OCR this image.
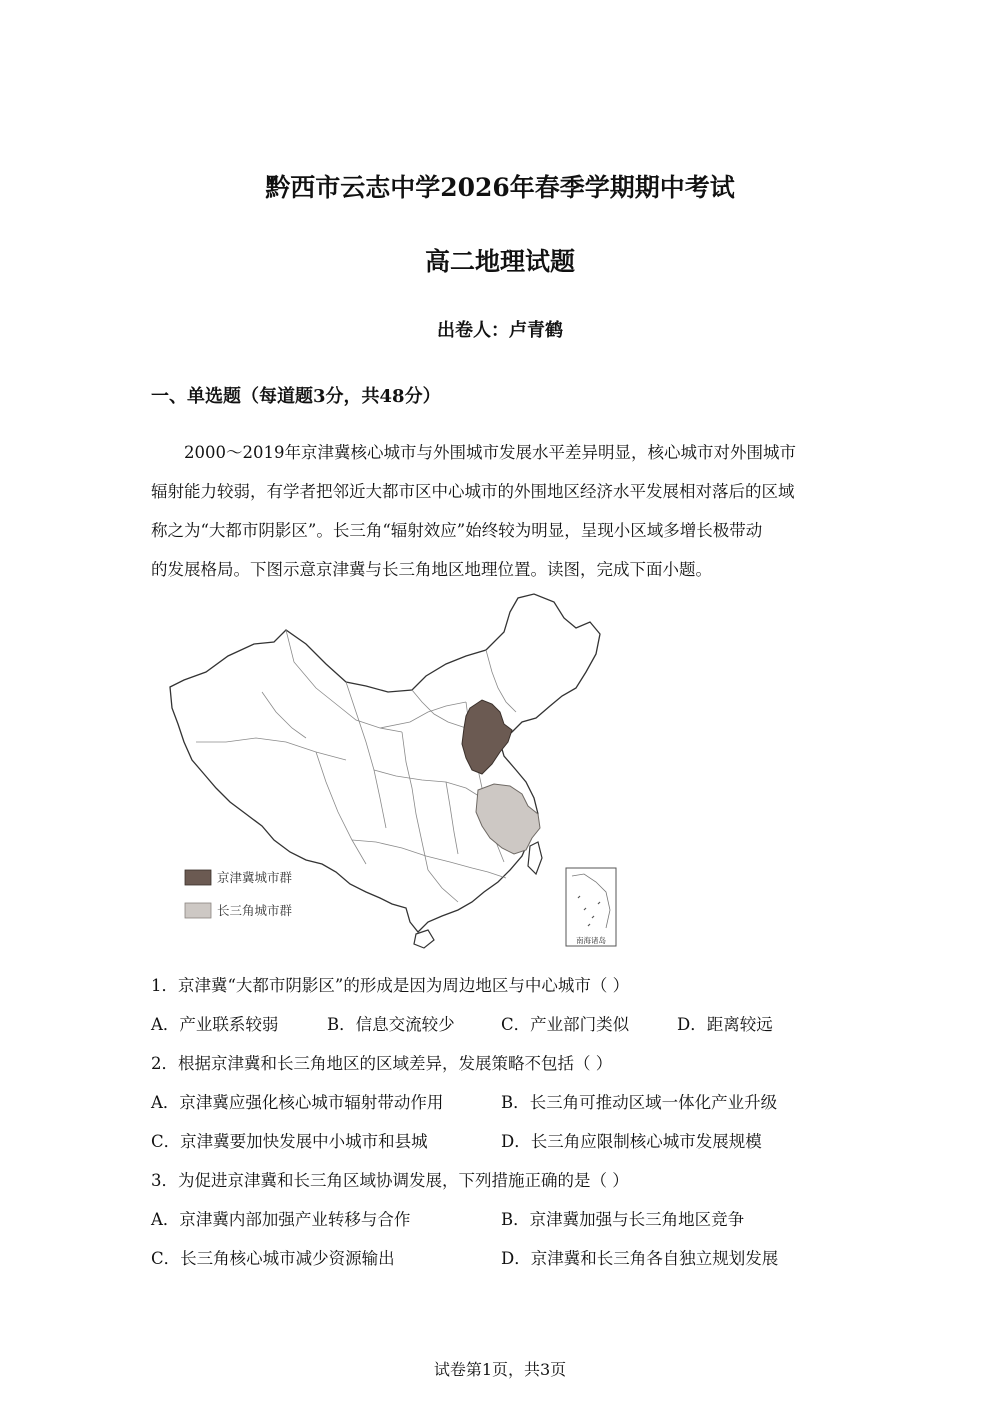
黔西市云志中学2026年春季学期期中考试
高二地理试题
出卷人：卢青鹤
一、单选题（每道题3分，共48分）
2000～2019年京津冀核心城市与外围城市发展水平差异明显，核心城市对外围城市
辐射能力较弱，有学者把邻近大都市区中心城市的外围地区经济水平发展相对落后的区域
称之为“大都市阴影区”。长三角“辐射效应”始终较为明显，呈现小区域多增长极带动
的发展格局。下图示意京津冀与长三角地区地理位置。读图，完成下面小题。
京津冀城市群
长三角城市群
南海诸岛
1．京津冀“大都市阴影区”的形成是因为周边地区与中心城市（ ）
A．产业联系较弱	B．信息交流较少	C．产业部门类似	D．距离较远
2．根据京津冀和长三角地区的区域差异，发展策略不包括（ ）
A．京津冀应强化核心城市辐射带动作用	B．长三角可推动区域一体化产业升级
C．京津冀要加快发展中小城市和县城	D．长三角应限制核心城市发展规模
3．为促进京津冀和长三角区域协调发展，下列措施正确的是（ ）
A．京津冀内部加强产业转移与合作	B．京津冀加强与长三角地区竞争
C．长三角核心城市减少资源输出	D．京津冀和长三角各自独立规划发展
试卷第1页，共3页
